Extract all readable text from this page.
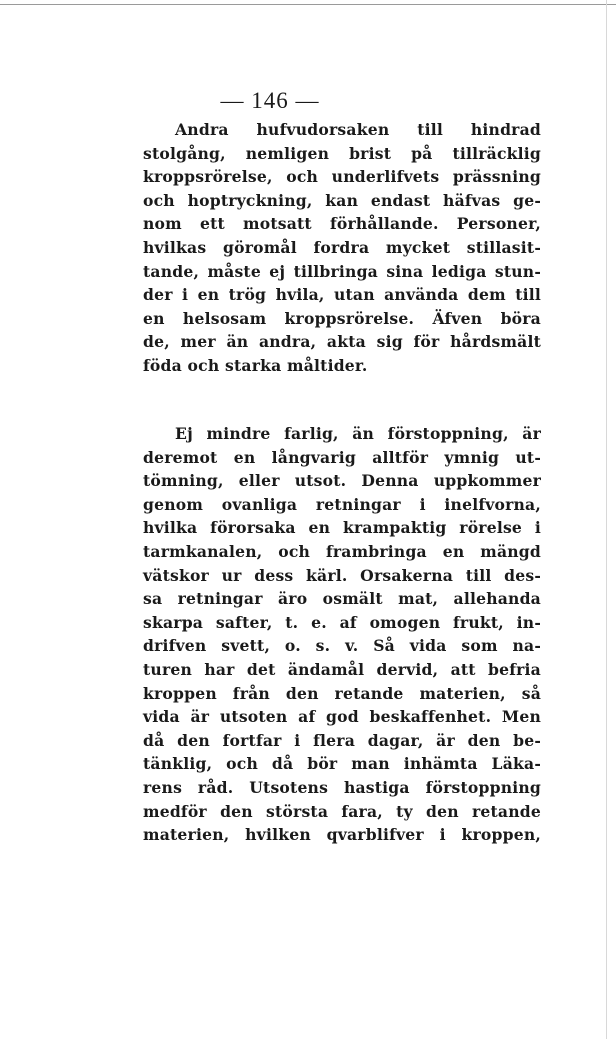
— 146 —
Andra hufvudorsaken till hindrad
stolgång, nemligen brist på tillräcklig
kroppsrörelse, och underlifvets prässning
och hoptryckning, kan endast häfvas ge-
nom ett motsatt förhållande. Personer,
hvilkas göromål fordra mycket stillasit-
tande, måste ej tillbringa sina lediga stun-
der i en trög hvila, utan använda dem till
en helsosam kroppsrörelse. Äfven böra
de, mer än andra, akta sig för hårdsmält
föda och starka måltider.
Ej mindre farlig, än förstoppning, är
deremot en långvarig alltför ymnig ut-
tömning, eller utsot. Denna uppkommer
genom ovanliga retningar i inelfvorna,
hvilka förorsaka en krampaktig rörelse i
tarmkanalen, och frambringa en mängd
vätskor ur dess kärl. Orsakerna till des-
sa retningar äro osmält mat, allehanda
skarpa safter, t. e. af omogen frukt, in-
drifven svett, o. s. v. Så vida som na-
turen har det ändamål dervid, att befria
kroppen från den retande materien, så
vida är utsoten af god beskaffenhet. Men
då den fortfar i flera dagar, är den be-
tänklig, och då bör man inhämta Läka-
rens råd. Utsotens hastiga förstoppning
medför den största fara, ty den retande
materien, hvilken qvarblifver i kroppen,
